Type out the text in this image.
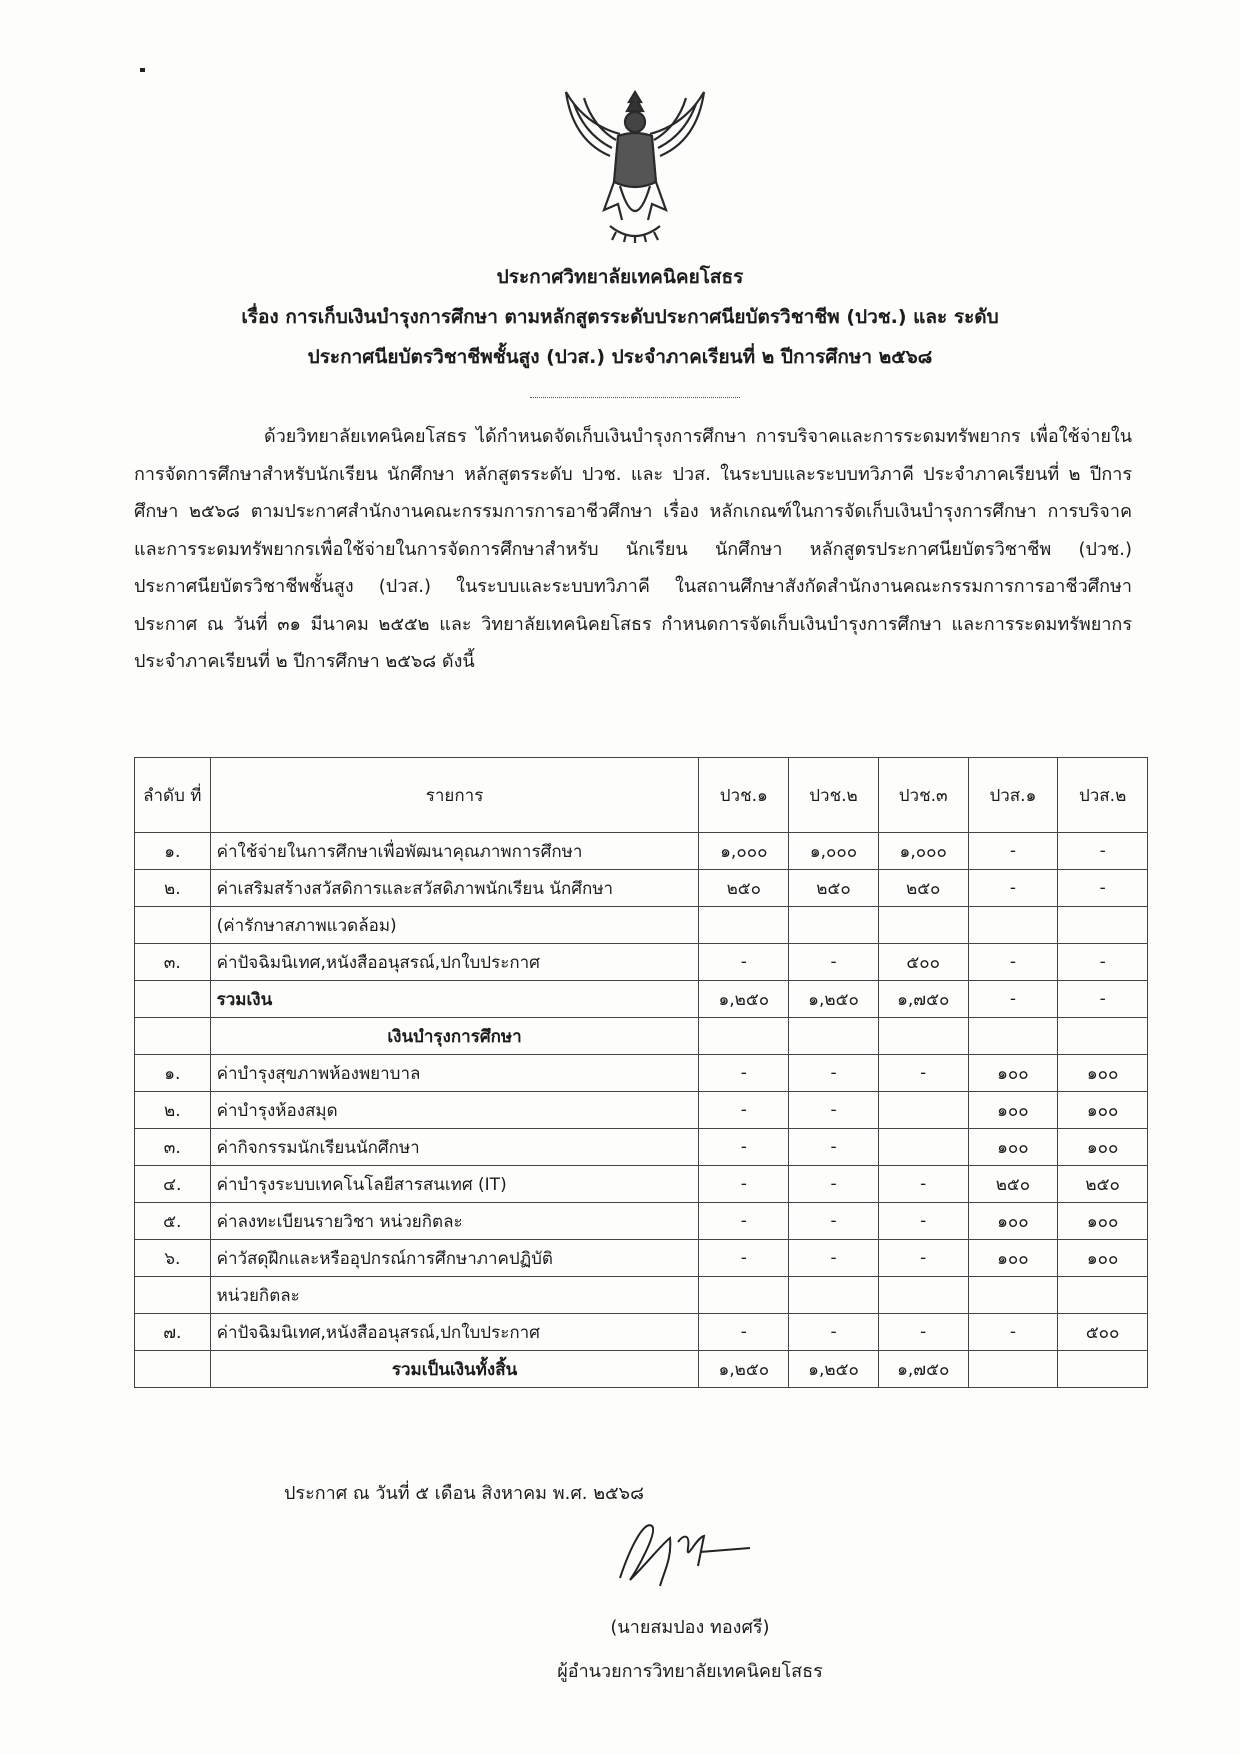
ประกาศวิทยาลัยเทคนิคยโสธร
เรื่อง การเก็บเงินบำรุงการศึกษา ตามหลักสูตรระดับประกาศนียบัตรวิชาชีพ (ปวช.) และ ระดับ
ประกาศนียบัตรวิชาชีพชั้นสูง (ปวส.) ประจำภาคเรียนที่ ๒ ปีการศึกษา ๒๕๖๘
ด้วยวิทยาลัยเทคนิคยโสธร ได้กำหนดจัดเก็บเงินบำรุงการศึกษา การบริจาคและการระดมทรัพยากร เพื่อใช้จ่ายในการจัดการศึกษาสำหรับนักเรียน นักศึกษา หลักสูตรระดับ ปวช. และ ปวส. ในระบบและระบบทวิภาคี ประจำภาคเรียนที่ ๒ ปีการศึกษา ๒๕๖๘ ตามประกาศสำนักงานคณะกรรมการการอาชีวศึกษา เรื่อง หลักเกณฑ์ในการจัดเก็บเงินบำรุงการศึกษา การบริจาคและการระดมทรัพยากรเพื่อใช้จ่ายในการจัดการศึกษาสำหรับ นักเรียน นักศึกษา หลักสูตรประกาศนียบัตรวิชาชีพ (ปวช.) ประกาศนียบัตรวิชาชีพชั้นสูง (ปวส.) ในระบบและระบบทวิภาคี ในสถานศึกษาสังกัดสำนักงานคณะกรรมการการอาชีวศึกษาประกาศ ณ วันที่ ๓๑ มีนาคม ๒๕๕๒ และ วิทยาลัยเทคนิคยโสธร กำหนดการจัดเก็บเงินบำรุงการศึกษา และการระดมทรัพยากร ประจำภาคเรียนที่ ๒ ปีการศึกษา ๒๕๖๘ ดังนี้
ลำดับ ที่	รายการ	ปวช.๑	ปวช.๒	ปวช.๓	ปวส.๑	ปวส.๒
๑.	ค่าใช้จ่ายในการศึกษาเพื่อพัฒนาคุณภาพการศึกษา	๑,๐๐๐	๑,๐๐๐	๑,๐๐๐	-	-
๒.	ค่าเสริมสร้างสวัสดิการและสวัสดิภาพนักเรียน นักศึกษา	๒๕๐	๒๕๐	๒๕๐	-	-
	(ค่ารักษาสภาพแวดล้อม)					
๓.	ค่าปัจฉิมนิเทศ,หนังสืออนุสรณ์,ปกใบประกาศ	-	-	๕๐๐	-	-
	รวมเงิน	๑,๒๕๐	๑,๒๕๐	๑,๗๕๐	-	-
	เงินบำรุงการศึกษา					
๑.	ค่าบำรุงสุขภาพห้องพยาบาล	-	-	-	๑๐๐	๑๐๐
๒.	ค่าบำรุงห้องสมุด	-	-		๑๐๐	๑๐๐
๓.	ค่ากิจกรรมนักเรียนนักศึกษา	-	-		๑๐๐	๑๐๐
๔.	ค่าบำรุงระบบเทคโนโลยีสารสนเทศ (IT)	-	-	-	๒๕๐	๒๕๐
๕.	ค่าลงทะเบียนรายวิชา หน่วยกิตละ	-	-	-	๑๐๐	๑๐๐
๖.	ค่าวัสดุฝึกและหรืออุปกรณ์การศึกษาภาคปฏิบัติ	-	-	-	๑๐๐	๑๐๐
	หน่วยกิตละ					
๗.	ค่าปัจฉิมนิเทศ,หนังสืออนุสรณ์,ปกใบประกาศ	-	-	-	-	๕๐๐
	รวมเป็นเงินทั้งสิ้น	๑,๒๕๐	๑,๒๕๐	๑,๗๕๐		
ประกาศ ณ วันที่ ๕ เดือน สิงหาคม พ.ศ. ๒๕๖๘
(นายสมปอง ทองศรี)
ผู้อำนวยการวิทยาลัยเทคนิคยโสธร
